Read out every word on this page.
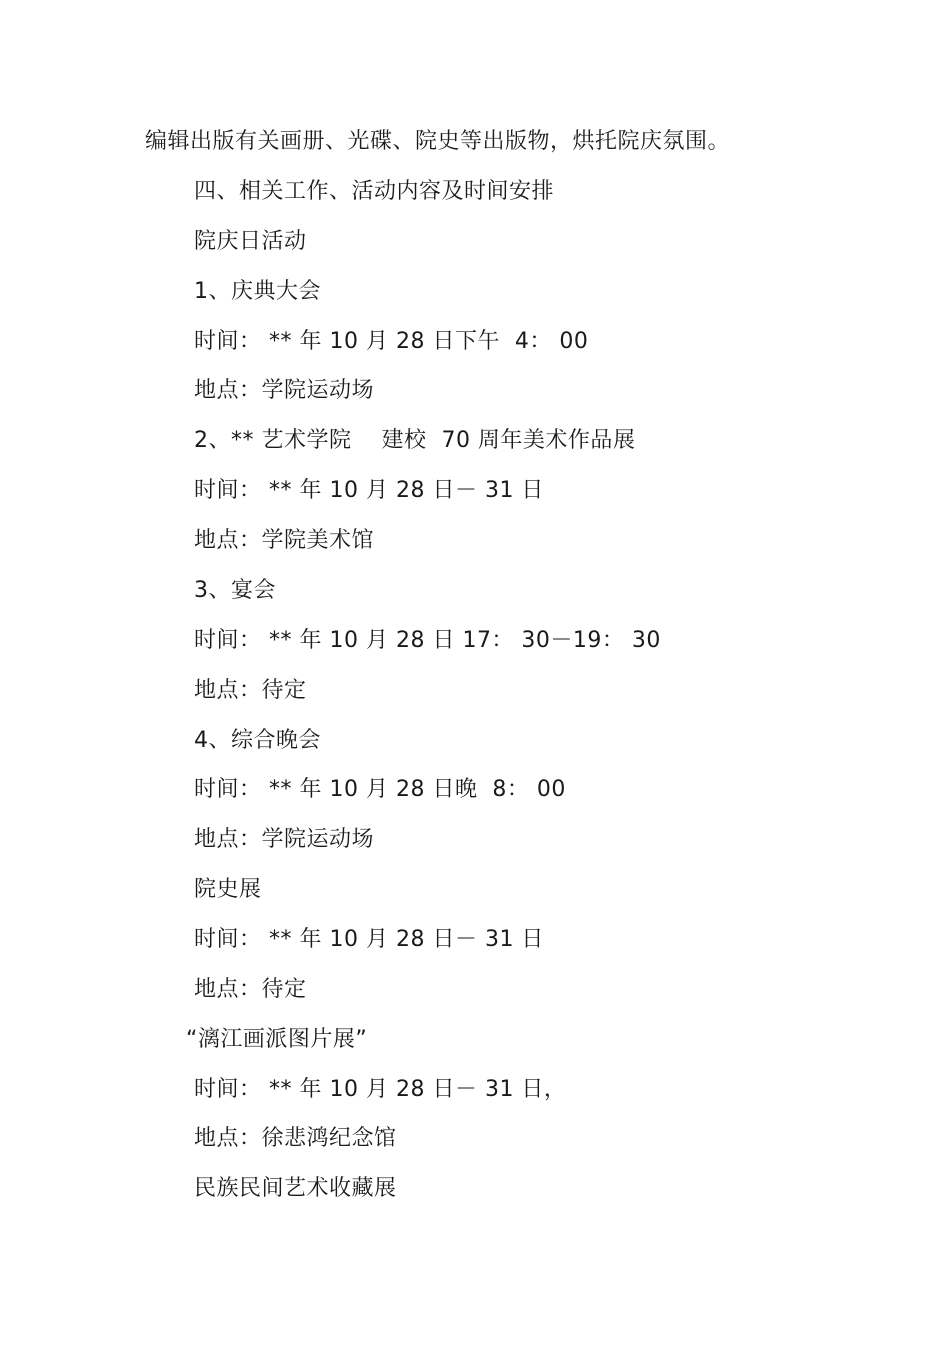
编辑出版有关画册、光碟、院史等出版物，烘托院庆氛围。
四、相关工作、活动内容及时间安排
院庆日活动
1、庆典大会
时间： ** 年 10 月 28 日下午  4： 00
地点：学院运动场
2、** 艺术学院    建校  70 周年美术作品展
时间： ** 年 10 月 28 日－ 31 日
地点：学院美术馆
3、宴会
时间： ** 年 10 月 28 日 17： 30－19： 30
地点：待定
4、综合晚会
时间： ** 年 10 月 28 日晚  8： 00
地点：学院运动场
院史展
时间： ** 年 10 月 28 日－ 31 日
地点：待定
“漓江画派图片展”
时间： ** 年 10 月 28 日－ 31 日，
地点：徐悲鸿纪念馆
民族民间艺术收藏展
